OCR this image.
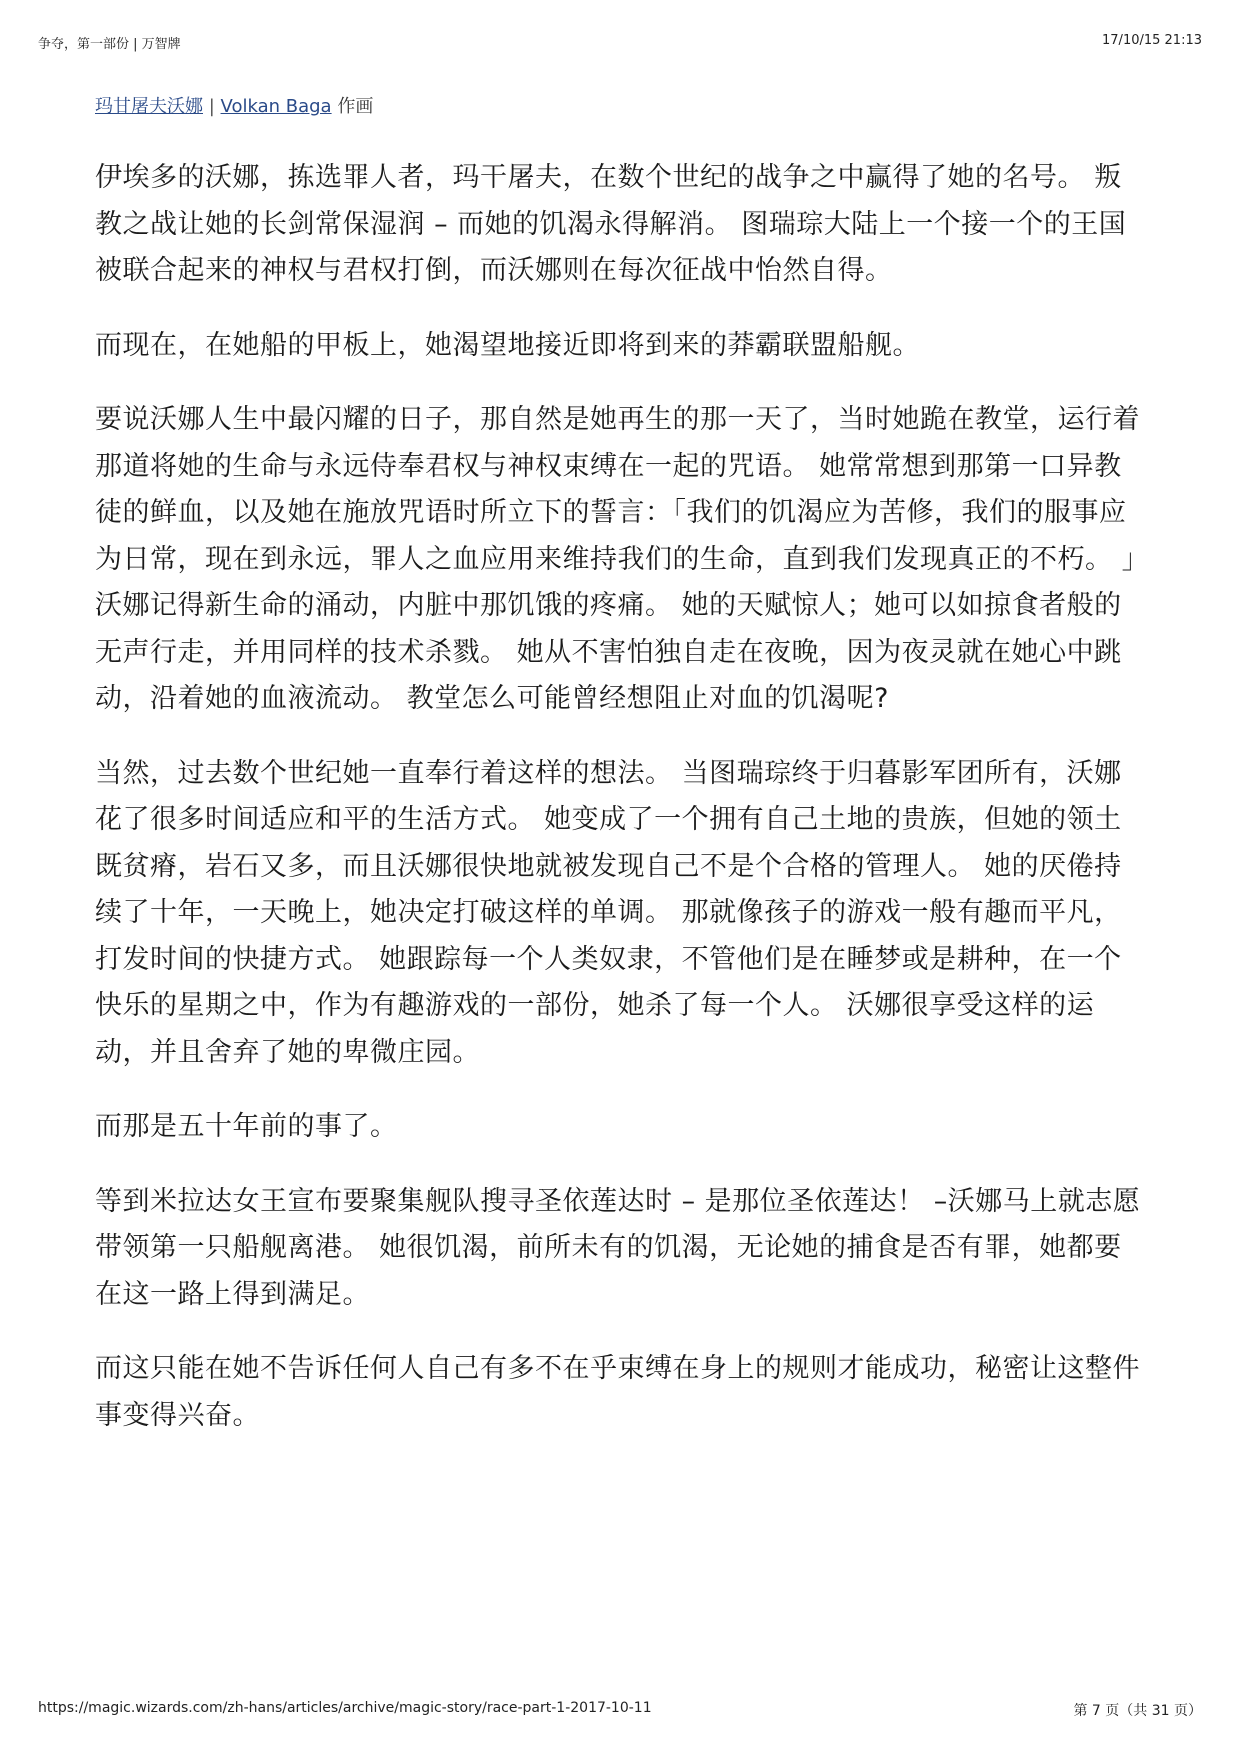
争夺，第一部份 | 万智牌	17/10/15 21:13
玛甘屠夫沃娜 | Volkan Baga 作画

伊埃多的沃娜，拣选罪人者，玛干屠夫，在数个世纪的战争之中赢得了她的名号。 叛教之战让她的长剑常保湿润 – 而她的饥渴永得解消。 图瑞琮大陆上一个接一个的王国被联合起来的神权与君权打倒，而沃娜则在每次征战中怡然自得。

而现在，在她船的甲板上，她渴望地接近即将到来的莽霸联盟船舰。

要说沃娜人生中最闪耀的日子，那自然是她再生的那一天了，当时她跪在教堂，运行着那道将她的生命与永远侍奉君权与神权束缚在一起的咒语。 她常常想到那第一口异教徒的鲜血，以及她在施放咒语时所立下的誓言：「我们的饥渴应为苦修，我们的服事应为日常，现在到永远，罪人之血应用来维持我们的生命，直到我们发现真正的不朽。 」沃娜记得新生命的涌动，内脏中那饥饿的疼痛。 她的天赋惊人；她可以如掠食者般的无声行走，并用同样的技术杀戮。 她从不害怕独自走在夜晚，因为夜灵就在她心中跳动，沿着她的血液流动。 教堂怎么可能曾经想阻止对血的饥渴呢?

当然，过去数个世纪她一直奉行着这样的想法。 当图瑞琮终于归暮影军团所有，沃娜花了很多时间适应和平的生活方式。 她变成了一个拥有自己土地的贵族，但她的领土既贫瘠，岩石又多，而且沃娜很快地就被发现自己不是个合格的管理人。 她的厌倦持续了十年，一天晚上，她决定打破这样的单调。 那就像孩子的游戏一般有趣而平凡，打发时间的快捷方式。 她跟踪每一个人类奴隶，不管他们是在睡梦或是耕种，在一个快乐的星期之中，作为有趣游戏的一部份，她杀了每一个人。 沃娜很享受这样的运动，并且舍弃了她的卑微庄园。

而那是五十年前的事了。

等到米拉达女王宣布要聚集舰队搜寻圣依莲达时 – 是那位圣依莲达！ –沃娜马上就志愿带领第一只船舰离港。 她很饥渴，前所未有的饥渴，无论她的捕食是否有罪，她都要在这一路上得到满足。

而这只能在她不告诉任何人自己有多不在乎束缚在身上的规则才能成功，秘密让这整件事变得兴奋。

https://magic.wizards.com/zh-hans/articles/archive/magic-story/race-part-1-2017-10-11	第 7 页（共 31 页）
